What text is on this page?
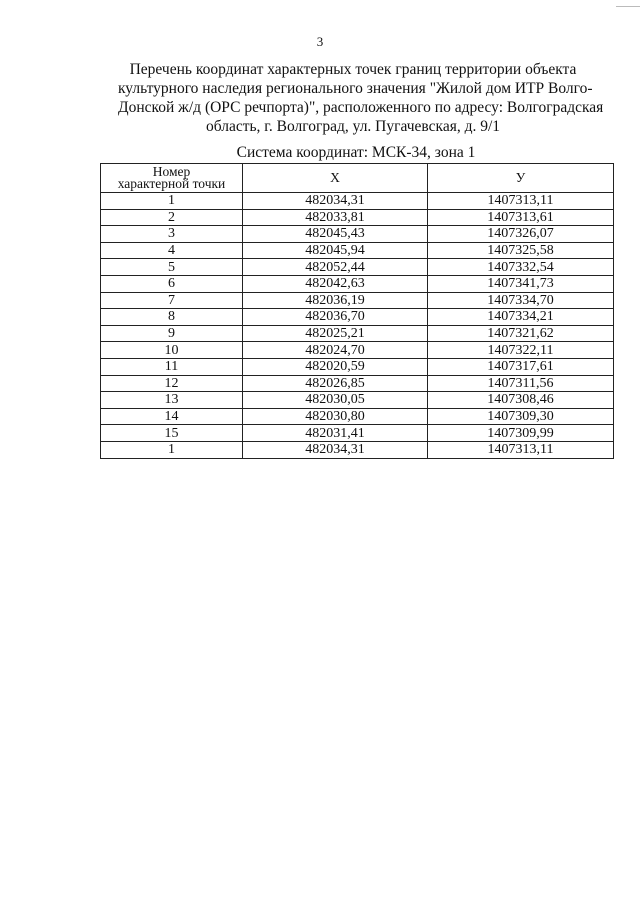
3
Перечень координат характерных точек границ территории объекта
культурного наследия регионального значения "Жилой дом ИТР Волго-
Донской ж/д (ОРС речпорта)", расположенного по адресу: Волгоградская
область, г. Волгоград, ул. Пугачевская, д. 9/1
Система координат: МСК-34, зона 1
Номер
характерной точки	X	У
1	482034,31	1407313,11
2	482033,81	1407313,61
3	482045,43	1407326,07
4	482045,94	1407325,58
5	482052,44	1407332,54
6	482042,63	1407341,73
7	482036,19	1407334,70
8	482036,70	1407334,21
9	482025,21	1407321,62
10	482024,70	1407322,11
11	482020,59	1407317,61
12	482026,85	1407311,56
13	482030,05	1407308,46
14	482030,80	1407309,30
15	482031,41	1407309,99
1	482034,31	1407313,11
